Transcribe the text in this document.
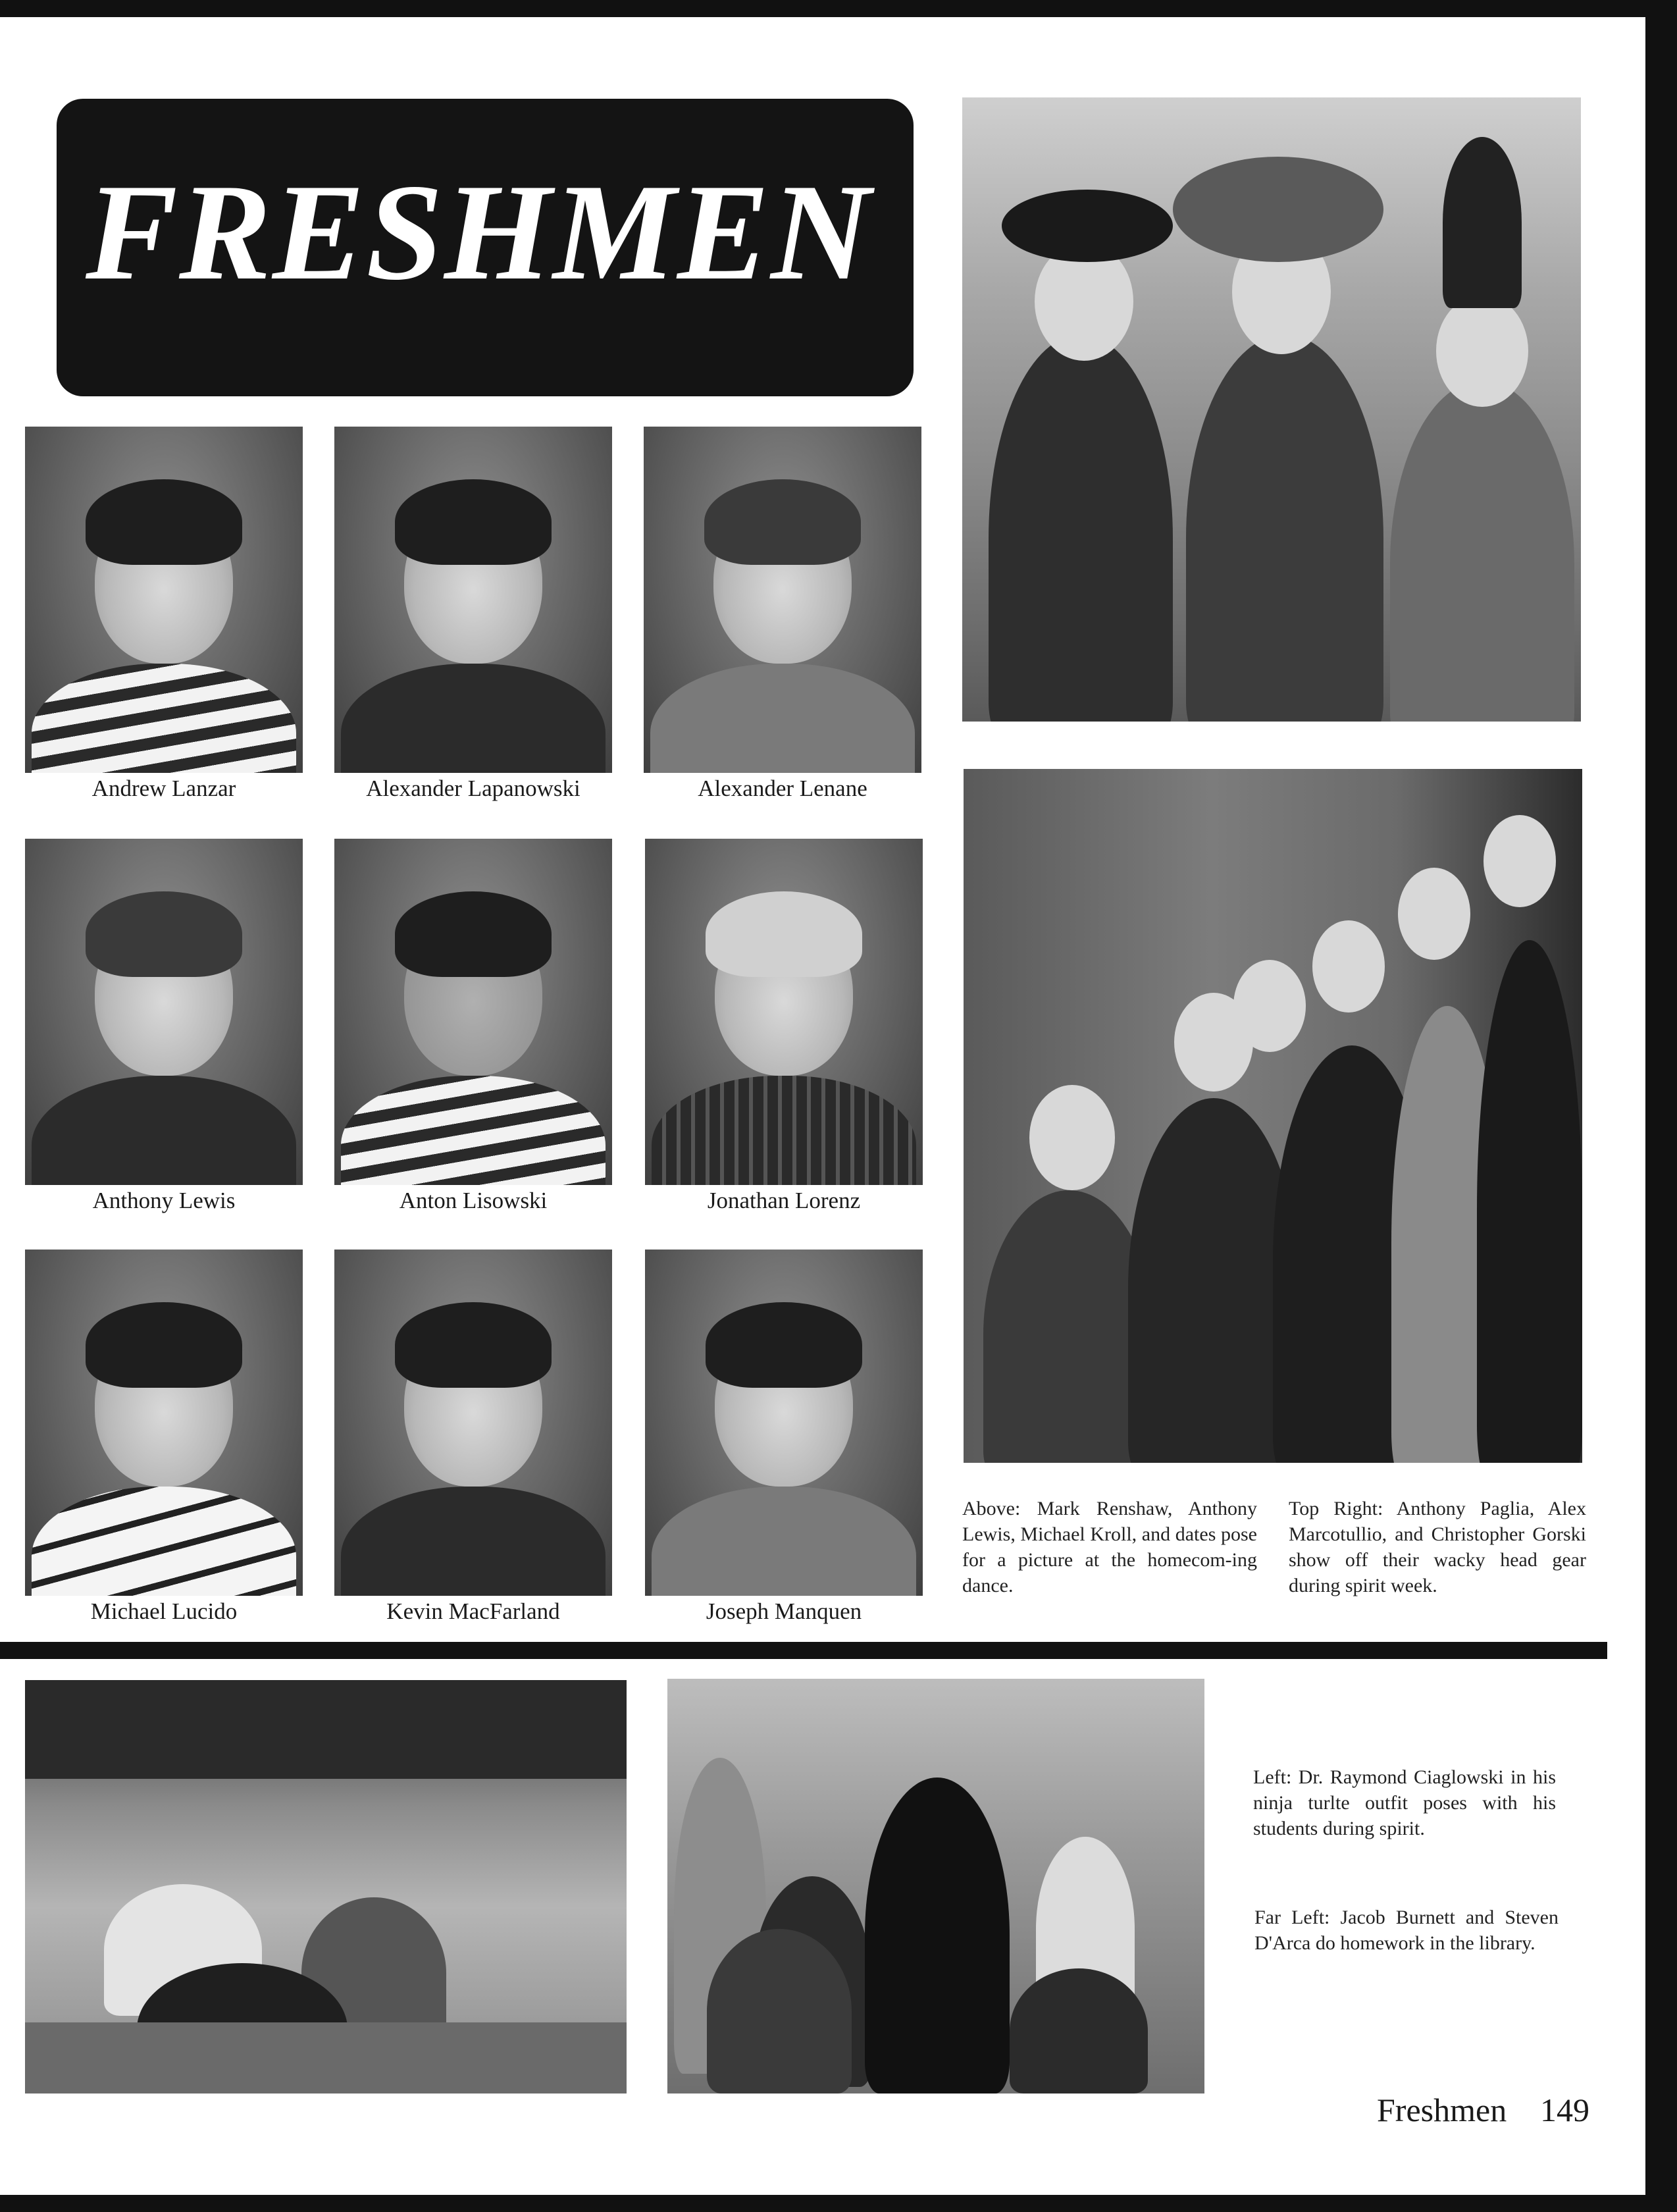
FRESHMEN
Andrew Lanzar	Alexander Lapanowski	Alexander Lenane
Anthony Lewis	Anton Lisowski	Jonathan Lorenz
Michael Lucido	Kevin MacFarland	Joseph Manquen
Above: Mark Renshaw, Anthony Lewis, Michael Kroll, and dates pose for a picture at the homecom-ing dance.
Top Right: Anthony Paglia, Alex Marcotullio, and Christopher Gorski show off their wacky head gear during spirit week.
Left: Dr. Raymond Ciaglowski in his ninja turlte outfit poses with his students during spirit.
Far Left: Jacob Burnett and Steven D'Arca do homework in the library.
Freshmen 149
